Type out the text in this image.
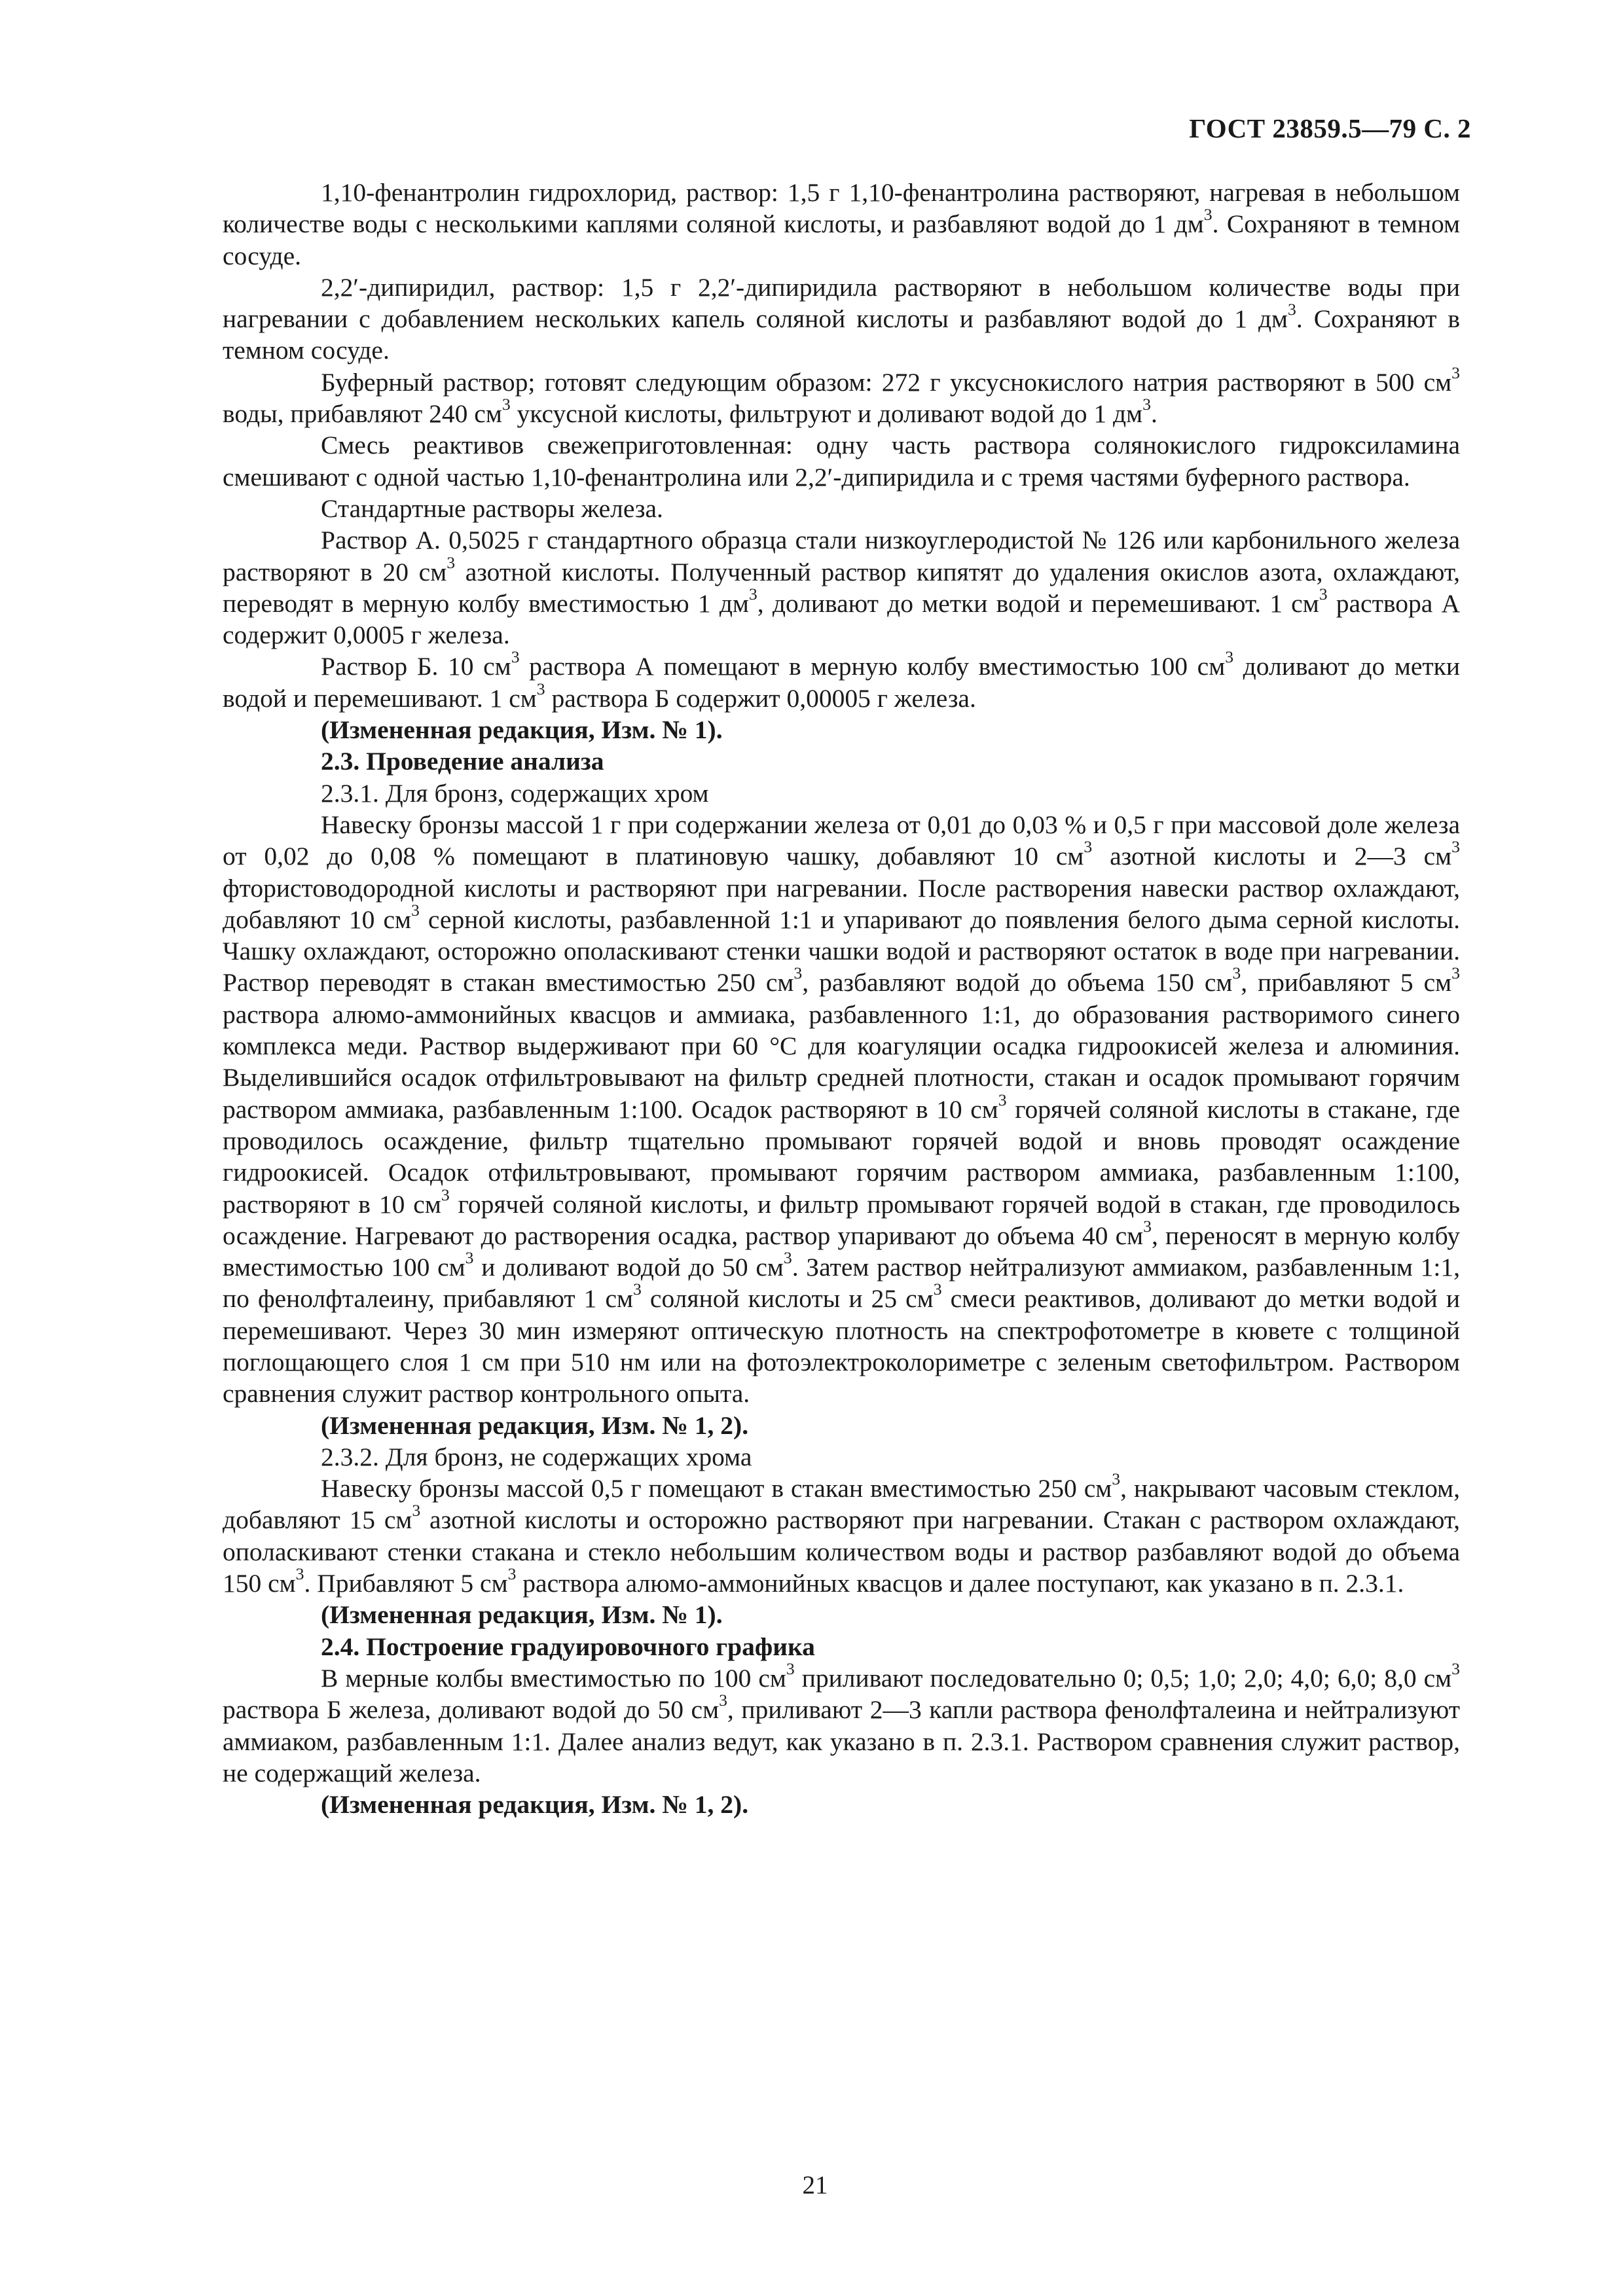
ГОСТ 23859.5—79 С. 2

1,10-фенантролин гидрохлорид, раствор: 1,5 г 1,10-фенантролина растворяют, нагревая в небольшом количестве воды с несколькими каплями соляной кислоты, и разбавляют водой до 1 $дм^3$. Сохраняют в темном сосуде.

2,2′-дипиридил, раствор: 1,5 г 2,2′-дипиридила растворяют в небольшом количестве воды при нагревании с добавлением нескольких капель соляной кислоты и разбавляют водой до 1 $дм^3$. Сохраняют в темном сосуде.

Буферный раствор; готовят следующим образом: 272 г уксуснокислого натрия растворяют в 500 $см^3$ воды, прибавляют 240 $см^3$ уксусной кислоты, фильтруют и доливают водой до 1 $дм^3$.

Смесь реактивов свежеприготовленная: одну часть раствора солянокислого гидроксиламина смешивают с одной частью 1,10-фенантролина или 2,2′-дипиридила и с тремя частями буферного раствора.

Стандартные растворы железа.

Раствор А. 0,5025 г стандартного образца стали низкоуглеродистой № 126 или карбонильного железа растворяют в 20 $см^3$ азотной кислоты. Полученный раствор кипятят до удаления окислов азота, охлаждают, переводят в мерную колбу вместимостью 1 $дм^3$, доливают до метки водой и перемешивают. 1 $см^3$ раствора А содержит 0,0005 г железа.

Раствор Б. 10 $см^3$ раствора А помещают в мерную колбу вместимостью 100 $см^3$ доливают до метки водой и перемешивают. 1 $см^3$ раствора Б содержит 0,00005 г железа.

(Измененная редакция, Изм. № 1).

2.3. Проведение анализа

2.3.1. Для бронз, содержащих хром

Навеску бронзы массой 1 г при содержании железа от 0,01 до 0,03 % и 0,5 г при массовой доле железа от 0,02 до 0,08 % помещают в платиновую чашку, добавляют 10 $см^3$ азотной кислоты и 2—3 $см^3$ фтористоводородной кислоты и растворяют при нагревании. После растворения навески раствор охлаждают, добавляют 10 $см^3$ серной кислоты, разбавленной 1:1 и упаривают до появления белого дыма серной кислоты. Чашку охлаждают, осторожно ополаскивают стенки чашки водой и растворяют остаток в воде при нагревании. Раствор переводят в стакан вместимостью 250 $см^3$, разбавляют водой до объема 150 $см^3$, прибавляют 5 $см^3$ раствора алюмо-аммонийных квасцов и аммиака, разбавленного 1:1, до образования растворимого синего комплекса меди. Раствор выдерживают при 60 °С для коагуляции осадка гидроокисей железа и алюминия. Выделившийся осадок отфильтровывают на фильтр средней плотности, стакан и осадок промывают горячим раствором аммиака, разбавленным 1:100. Осадок растворяют в 10 $см^3$ горячей соляной кислоты в стакане, где проводилось осаждение, фильтр тщательно промывают горячей водой и вновь проводят осаждение гидроокисей. Осадок отфильтровывают, промывают горячим раствором аммиака, разбавленным 1:100, растворяют в 10 $см^3$ горячей соляной кислоты, и фильтр промывают горячей водой в стакан, где проводилось осаждение. Нагревают до растворения осадка, раствор упаривают до объема 40 $см^3$, переносят в мерную колбу вместимостью 100 $см^3$ и доливают водой до 50 $см^3$. Затем раствор нейтрализуют аммиаком, разбавленным 1:1, по фенолфталеину, прибавляют 1 $см^3$ соляной кислоты и 25 $см^3$ смеси реактивов, доливают до метки водой и перемешивают. Через 30 мин измеряют оптическую плотность на спектрофотометре в кювете с толщиной поглощающего слоя 1 см при 510 нм или на фотоэлектроколориметре с зеленым светофильтром. Раствором сравнения служит раствор контрольного опыта.

(Измененная редакция, Изм. № 1, 2).

2.3.2. Для бронз, не содержащих хрома

Навеску бронзы массой 0,5 г помещают в стакан вместимостью 250 $см^3$, накрывают часовым стеклом, добавляют 15 $см^3$ азотной кислоты и осторожно растворяют при нагревании. Стакан с раствором охлаждают, ополаскивают стенки стакана и стекло небольшим количеством воды и раствор разбавляют водой до объема 150 $см^3$. Прибавляют 5 $см^3$ раствора алюмо-аммонийных квасцов и далее поступают, как указано в п. 2.3.1.

(Измененная редакция, Изм. № 1).

2.4. Построение градуировочного графика

В мерные колбы вместимостью по 100 $см^3$ приливают последовательно 0; 0,5; 1,0; 2,0; 4,0; 6,0; 8,0 $см^3$ раствора Б железа, доливают водой до 50 $см^3$, приливают 2—3 капли раствора фенолфталеина и нейтрализуют аммиаком, разбавленным 1:1. Далее анализ ведут, как указано в п. 2.3.1. Раствором сравнения служит раствор, не содержащий железа.

(Измененная редакция, Изм. № 1, 2).

21
